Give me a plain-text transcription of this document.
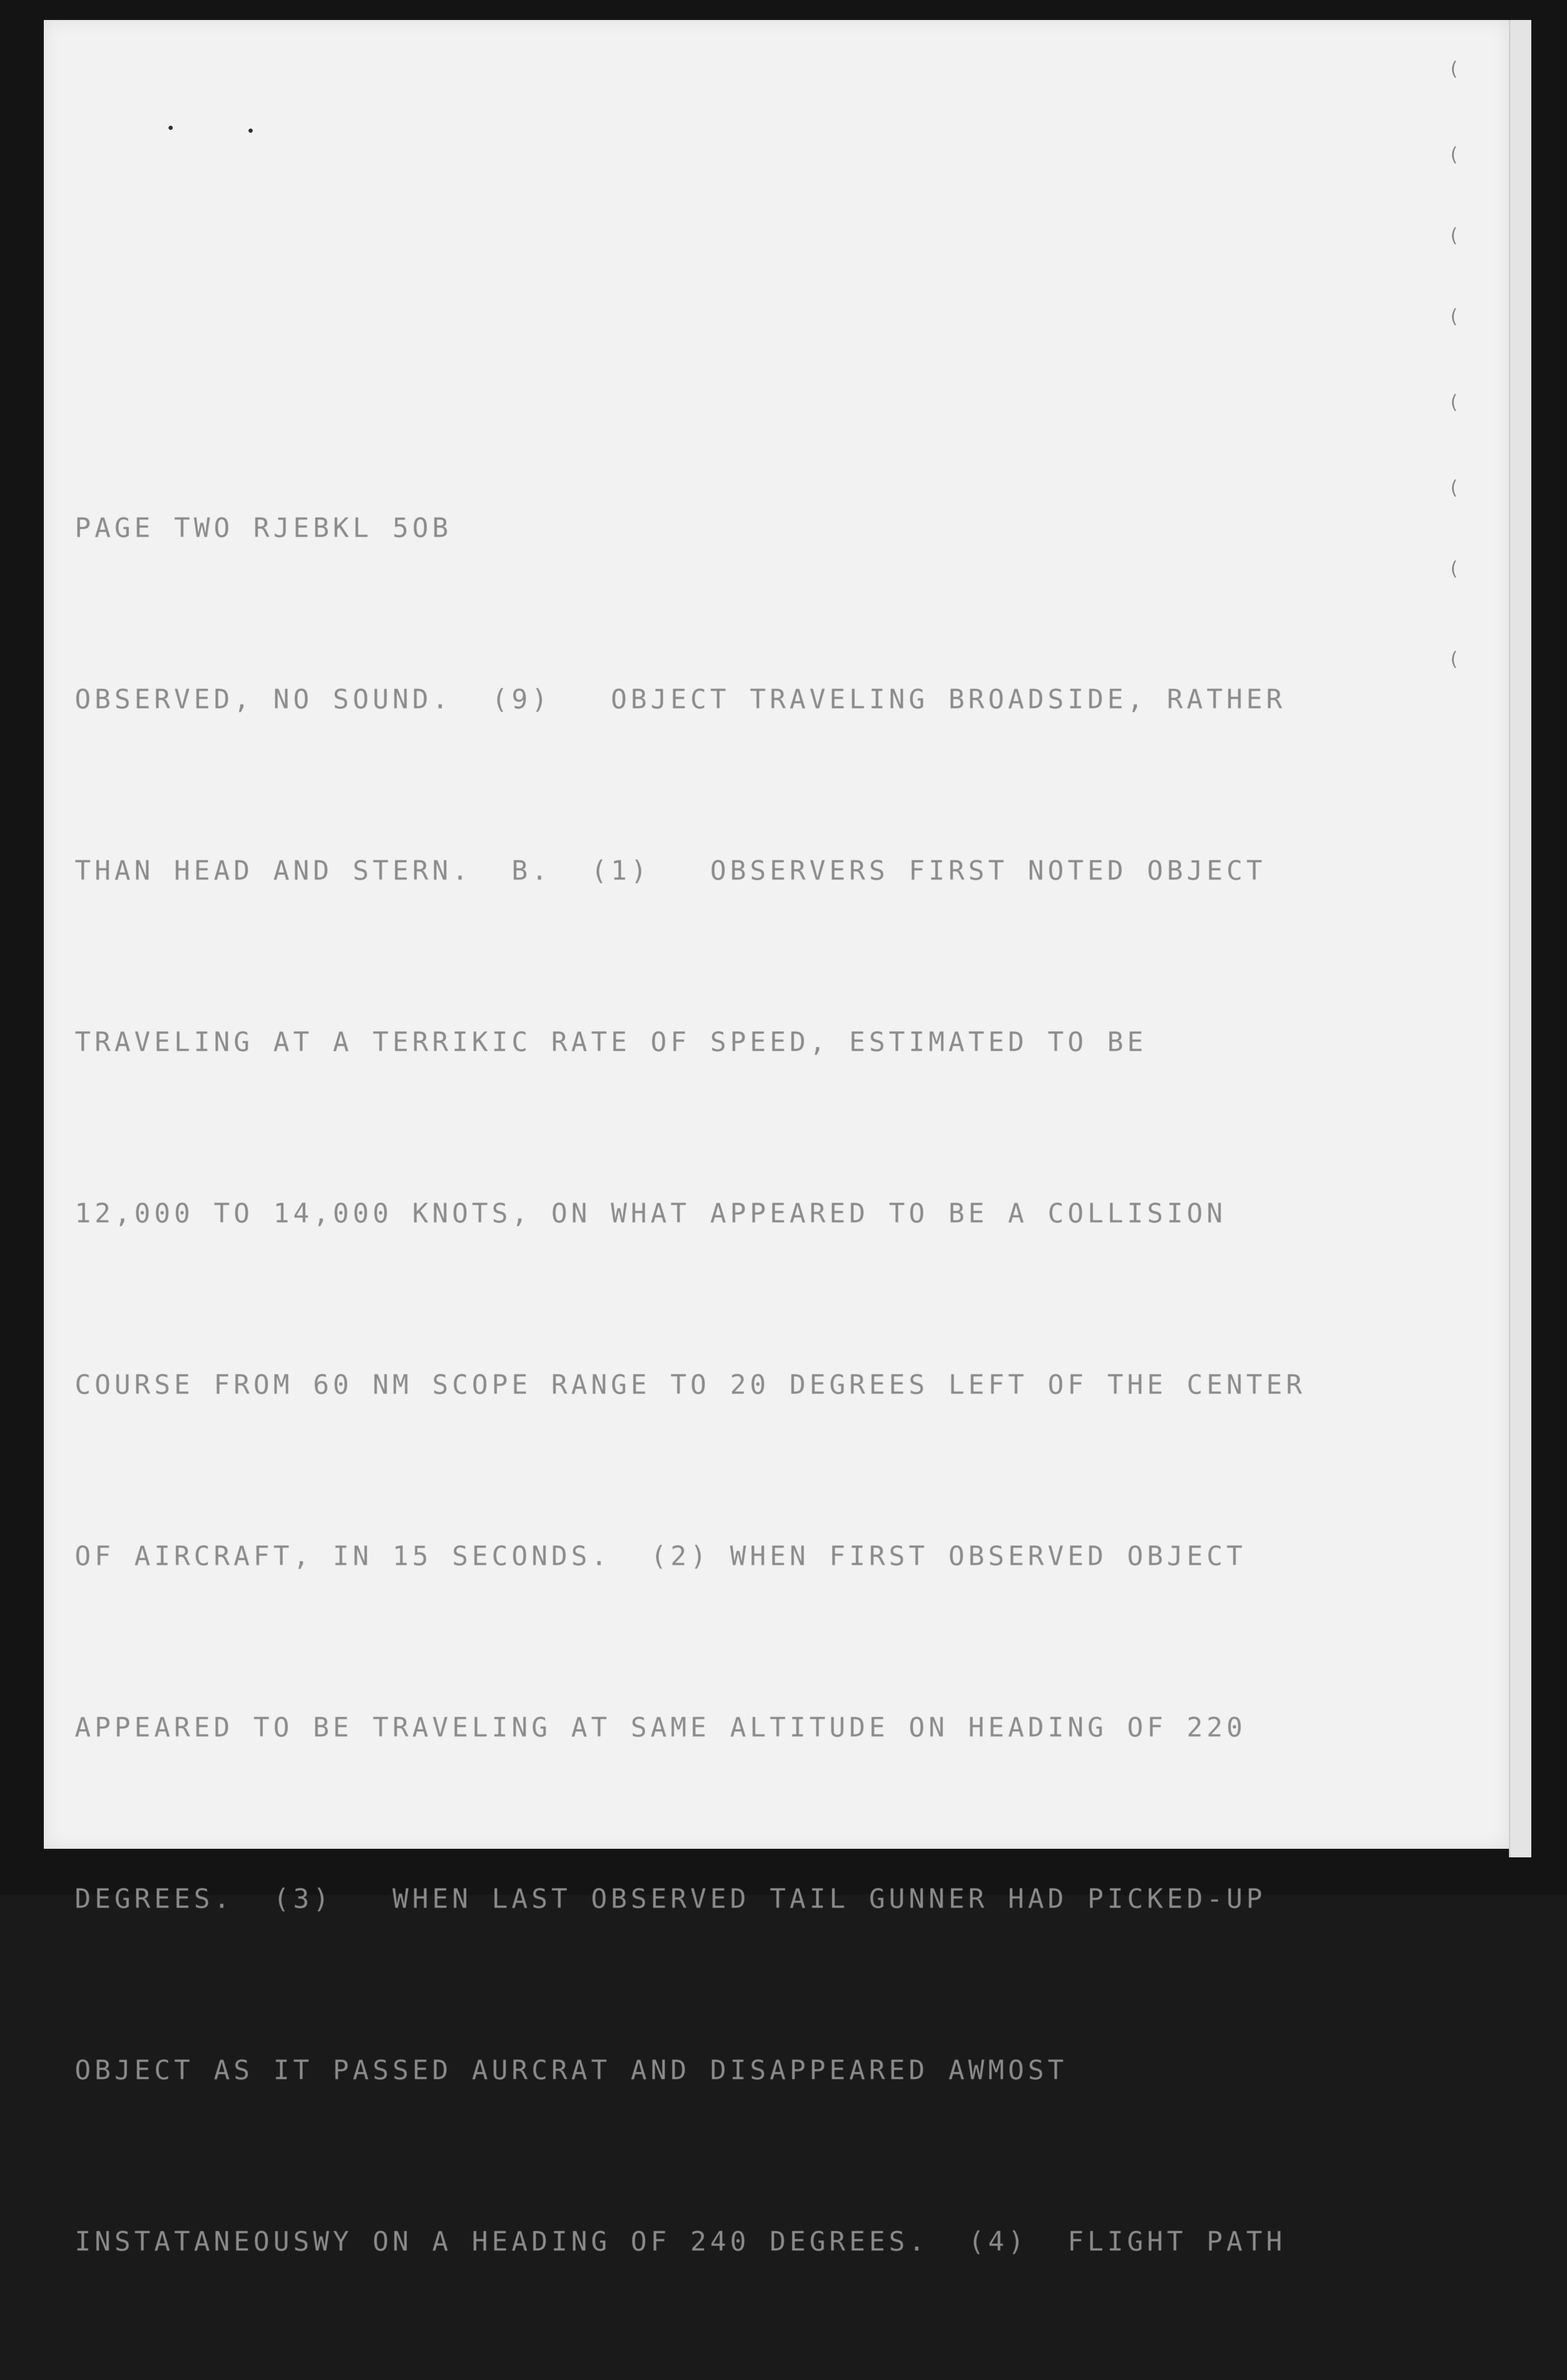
(
(
(
(
(
(
(
(

PAGE TWO RJEBKL 5OB

OBSERVED, NO SOUND.  (9)   OBJECT TRAVELING BROADSIDE, RATHER

THAN HEAD AND STERN.  B.  (1)   OBSERVERS FIRST NOTED OBJECT

TRAVELING AT A TERRIKIC RATE OF SPEED, ESTIMATED TO BE

12,000 TO 14,000 KNOTS, ON WHAT APPEARED TO BE A COLLISION

COURSE FROM 60 NM SCOPE RANGE TO 20 DEGREES LEFT OF THE CENTER

OF AIRCRAFT, IN 15 SECONDS.  (2) WHEN FIRST OBSERVED OBJECT

APPEARED TO BE TRAVELING AT SAME ALTITUDE ON HEADING OF 220

DEGREES.  (3)   WHEN LAST OBSERVED TAIL GUNNER HAD PICKED-UP

OBJECT AS IT PASSED AURCRAT AND DISAPPEARED AWMOST

INSTATANEOUSWY ON A HEADING OF 240 DEGREES.  (4)  FLIGHT PATH
